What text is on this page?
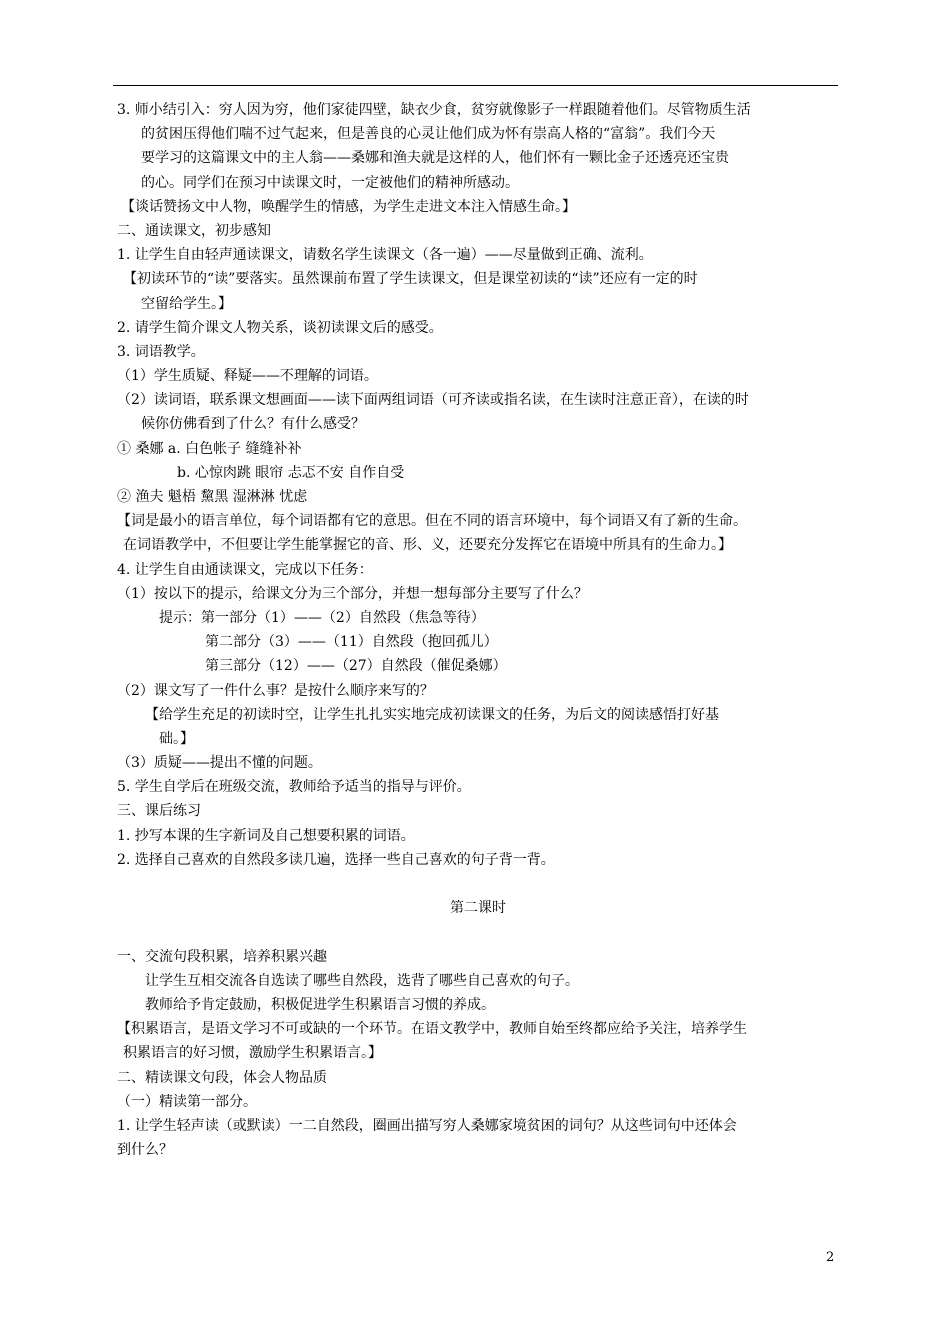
3. 师小结引入：穷人因为穷，他们家徒四壁，缺衣少食，贫穷就像影子一样跟随着他们。尽管物质生活
的贫困压得他们喘不过气起来，但是善良的心灵让他们成为怀有崇高人格的“富翁”。我们今天
要学习的这篇课文中的主人翁——桑娜和渔夫就是这样的人，他们怀有一颗比金子还透亮还宝贵
的心。同学们在预习中读课文时，一定被他们的精神所感动。
【谈话赞扬文中人物，唤醒学生的情感，为学生走进文本注入情感生命。】
二、通读课文，初步感知
1. 让学生自由轻声通读课文，请数名学生读课文（各一遍）——尽量做到正确、流利。
【初读环节的“读”要落实。虽然课前布置了学生读课文，但是课堂初读的“读”还应有一定的时
空留给学生。】
2. 请学生简介课文人物关系，谈初读课文后的感受。
3. 词语教学。
（1）学生质疑、释疑——不理解的词语。
（2）读词语，联系课文想画面——读下面两组词语（可齐读或指名读，在生读时注意正音），在读的时
候你仿佛看到了什么？有什么感受？
① 桑娜 a. 白色帐子 缝缝补补
b. 心惊肉跳 眼帘 忐忑不安 自作自受
② 渔夫 魁梧 黧黑 湿淋淋 忧虑
【词是最小的语言单位，每个词语都有它的意思。但在不同的语言环境中，每个词语又有了新的生命。
在词语教学中，不但要让学生能掌握它的音、形、义，还要充分发挥它在语境中所具有的生命力。】
4. 让学生自由通读课文，完成以下任务：
（1）按以下的提示，给课文分为三个部分，并想一想每部分主要写了什么？
提示：第一部分（1）——（2）自然段（焦急等待）
第二部分（3）——（11）自然段（抱回孤儿）
第三部分（12）——（27）自然段（催促桑娜）
（2）课文写了一件什么事？是按什么顺序来写的？
【给学生充足的初读时空，让学生扎扎实实地完成初读课文的任务，为后文的阅读感悟打好基
础。】
（3）质疑——提出不懂的问题。
5. 学生自学后在班级交流，教师给予适当的指导与评价。
三、课后练习
1. 抄写本课的生字新词及自己想要积累的词语。
2. 选择自己喜欢的自然段多读几遍，选择一些自己喜欢的句子背一背。
第二课时
一、交流句段积累，培养积累兴趣
让学生互相交流各自选读了哪些自然段，选背了哪些自己喜欢的句子。
教师给予肯定鼓励，积极促进学生积累语言习惯的养成。
【积累语言，是语文学习不可或缺的一个环节。在语文教学中，教师自始至终都应给予关注，培养学生
积累语言的好习惯，激励学生积累语言。】
二、精读课文句段，体会人物品质
（一）精读第一部分。
1. 让学生轻声读（或默读）一二自然段，圈画出描写穷人桑娜家境贫困的词句？从这些词句中还体会
到什么？
2
